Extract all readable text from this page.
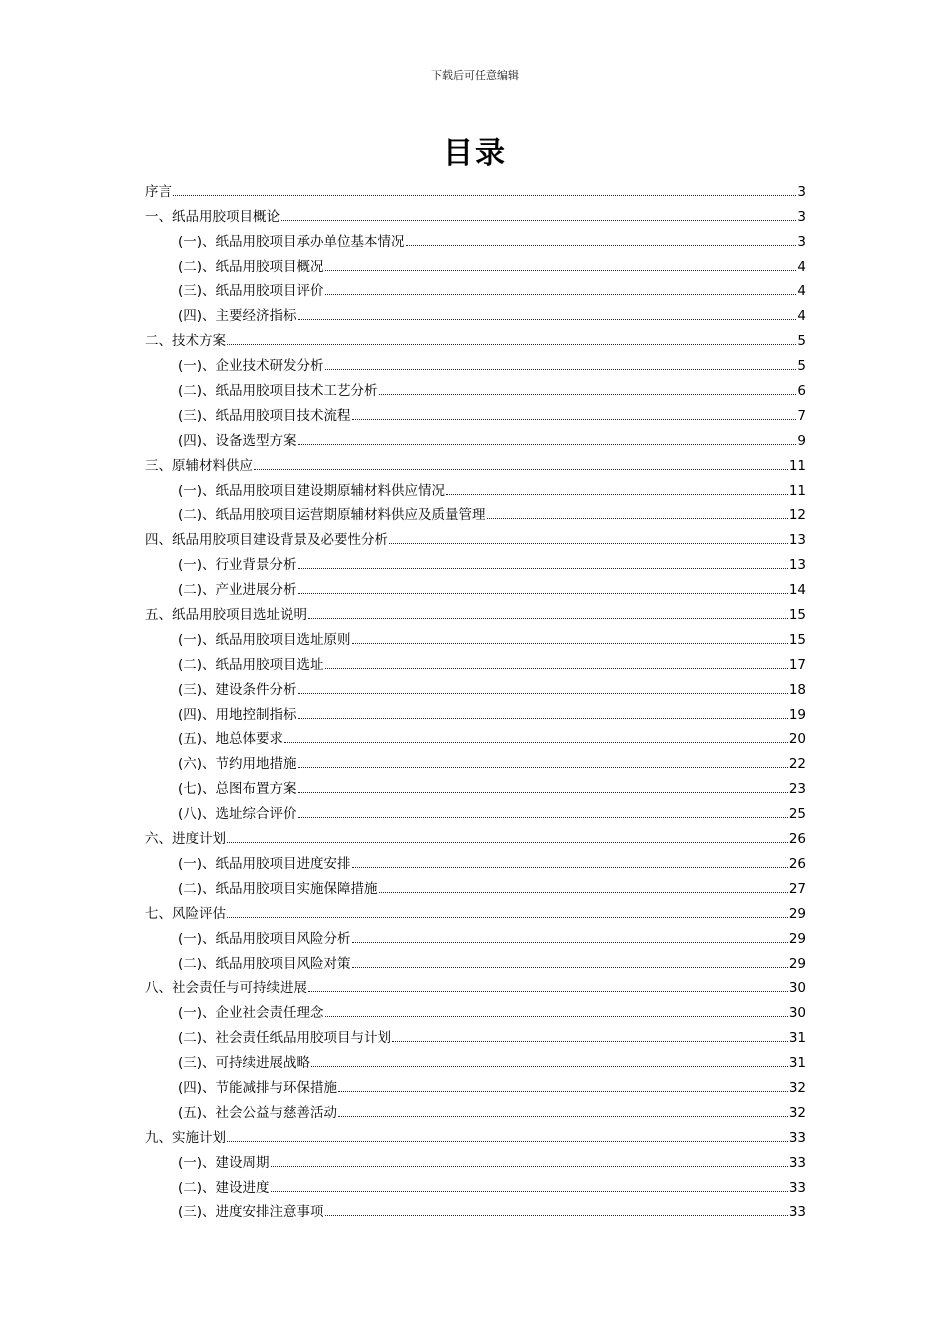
下载后可任意编辑
目录
序言	3
一、纸品用胶项目概论	3
(一)、纸品用胶项目承办单位基本情况	3
(二)、纸品用胶项目概况	4
(三)、纸品用胶项目评价	4
(四)、主要经济指标	4
二、技术方案	5
(一)、企业技术研发分析	5
(二)、纸品用胶项目技术工艺分析	6
(三)、纸品用胶项目技术流程	7
(四)、设备选型方案	9
三、原辅材料供应	11
(一)、纸品用胶项目建设期原辅材料供应情况	11
(二)、纸品用胶项目运营期原辅材料供应及质量管理	12
四、纸品用胶项目建设背景及必要性分析	13
(一)、行业背景分析	13
(二)、产业进展分析	14
五、纸品用胶项目选址说明	15
(一)、纸品用胶项目选址原则	15
(二)、纸品用胶项目选址	17
(三)、建设条件分析	18
(四)、用地控制指标	19
(五)、地总体要求	20
(六)、节约用地措施	22
(七)、总图布置方案	23
(八)、选址综合评价	25
六、进度计划	26
(一)、纸品用胶项目进度安排	26
(二)、纸品用胶项目实施保障措施	27
七、风险评估	29
(一)、纸品用胶项目风险分析	29
(二)、纸品用胶项目风险对策	29
八、社会责任与可持续进展	30
(一)、企业社会责任理念	30
(二)、社会责任纸品用胶项目与计划	31
(三)、可持续进展战略	31
(四)、节能减排与环保措施	32
(五)、社会公益与慈善活动	32
九、实施计划	33
(一)、建设周期	33
(二)、建设进度	33
(三)、进度安排注意事项	33
